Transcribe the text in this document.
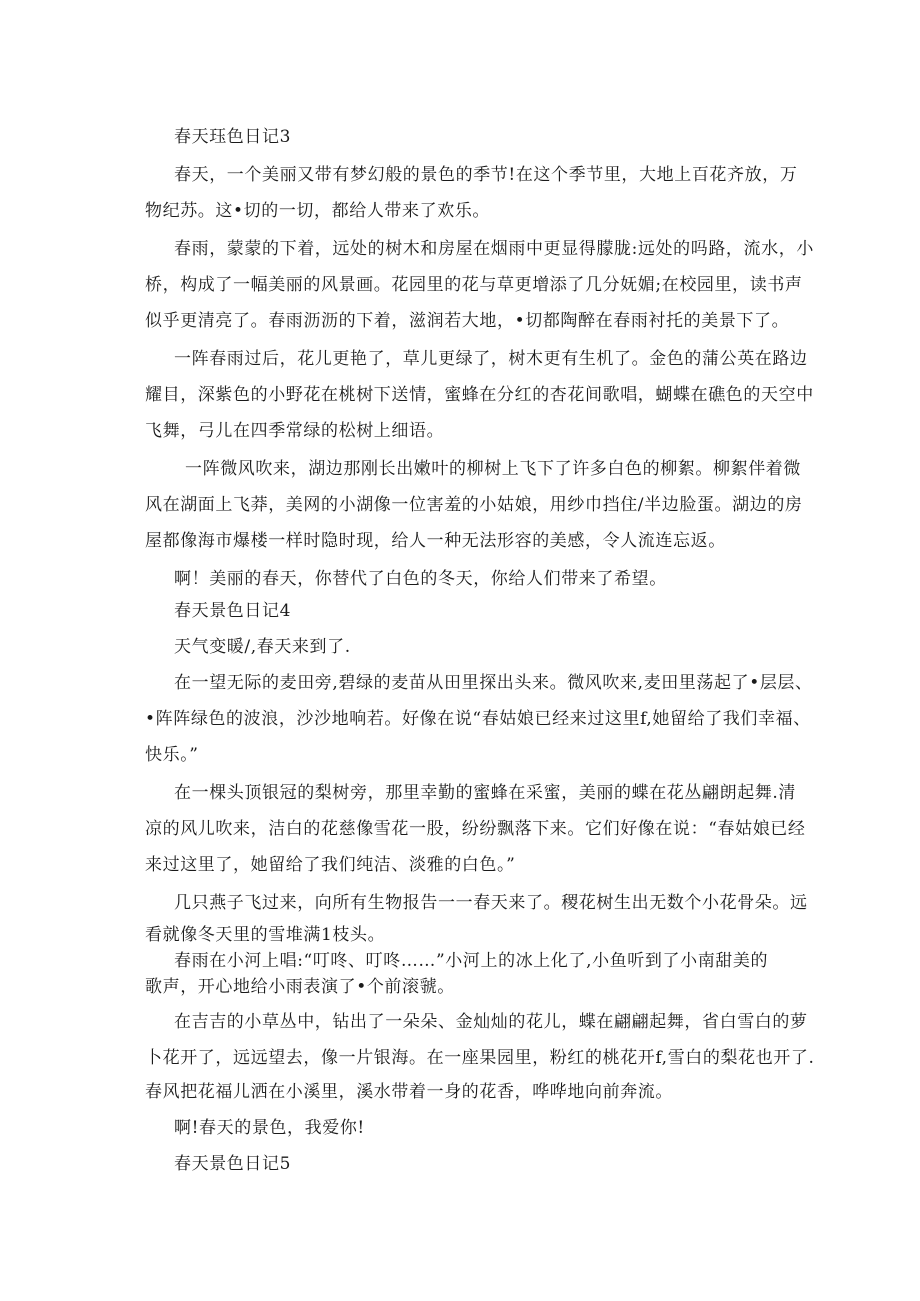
春天珏色日记3
春天，一个美丽又带有梦幻般的景色的季节!在这个季节里，大地上百花齐放，万
物纪苏。这•切的一切，都给人带来了欢乐。
春雨，蒙蒙的下着，远处的树木和房屋在烟雨中更显得朦胧:远处的吗路，流水，小
桥，构成了一幅美丽的风景画。花园里的花与草更增添了几分妩媚;在校园里，读书声
似乎更清亮了。春雨沥沥的下着，滋润若大地，•切都陶醉在春雨衬托的美景下了。
一阵春雨过后，花儿更艳了，草儿更绿了，树木更有生机了。金色的蒲公英在路边
耀目，深紫色的小野花在桃树下送情，蜜蜂在分红的杏花间歌唱，蝴蝶在礁色的天空中
飞舞，弓儿在四季常绿的松树上细语。
一阵微风吹来，湖边那刚长出嫩叶的柳树上飞下了许多白色的柳絮。柳絮伴着微
风在湖面上飞莽，美网的小湖像一位害羞的小姑娘，用纱巾挡住/半边脸蛋。湖边的房
屋都像海市爆楼一样时隐时现，给人一种无法形容的美感，令人流连忘返。
啊！美丽的春天，你替代了白色的冬天，你给人们带来了希望。
春天景色日记4
天气变暖/,春天来到了.
在一望无际的麦田旁,碧绿的麦苗从田里探出头来。微风吹来,麦田里荡起了•层层、
•阵阵绿色的波浪，沙沙地响若。好像在说“春姑娘已经来过这里f,她留给了我们幸福、
快乐。”
在一棵头顶银冠的梨树旁，那里幸勤的蜜蜂在采蜜，美丽的蝶在花丛翩朗起舞.清
凉的风儿吹来，洁白的花慈像雪花一股，纷纷飘落下来。它们好像在说：“春姑娘已经
来过这里了，她留给了我们纯洁、淡雅的白色。”
几只燕子飞过来，向所有生物报告一一春天来了。稷花树生出无数个小花骨朵。远
看就像冬天里的雪堆满1枝头。
春雨在小河上唱:“叮咚、叮咚……”小河上的冰上化了,小鱼听到了小南甜美的
歌声，开心地给小雨表演了•个前滚虢。
在吉吉的小草丛中，钻出了一朵朵、金灿灿的花儿，蝶在翩翩起舞，省白雪白的萝
卜花开了，远远望去，像一片银海。在一座果园里，粉红的桃花开f,雪白的梨花也开了.
春风把花福儿洒在小溪里，溪水带着一身的花香，哗哗地向前奔流。
啊!春天的景色，我爱你!
春天景色日记5
